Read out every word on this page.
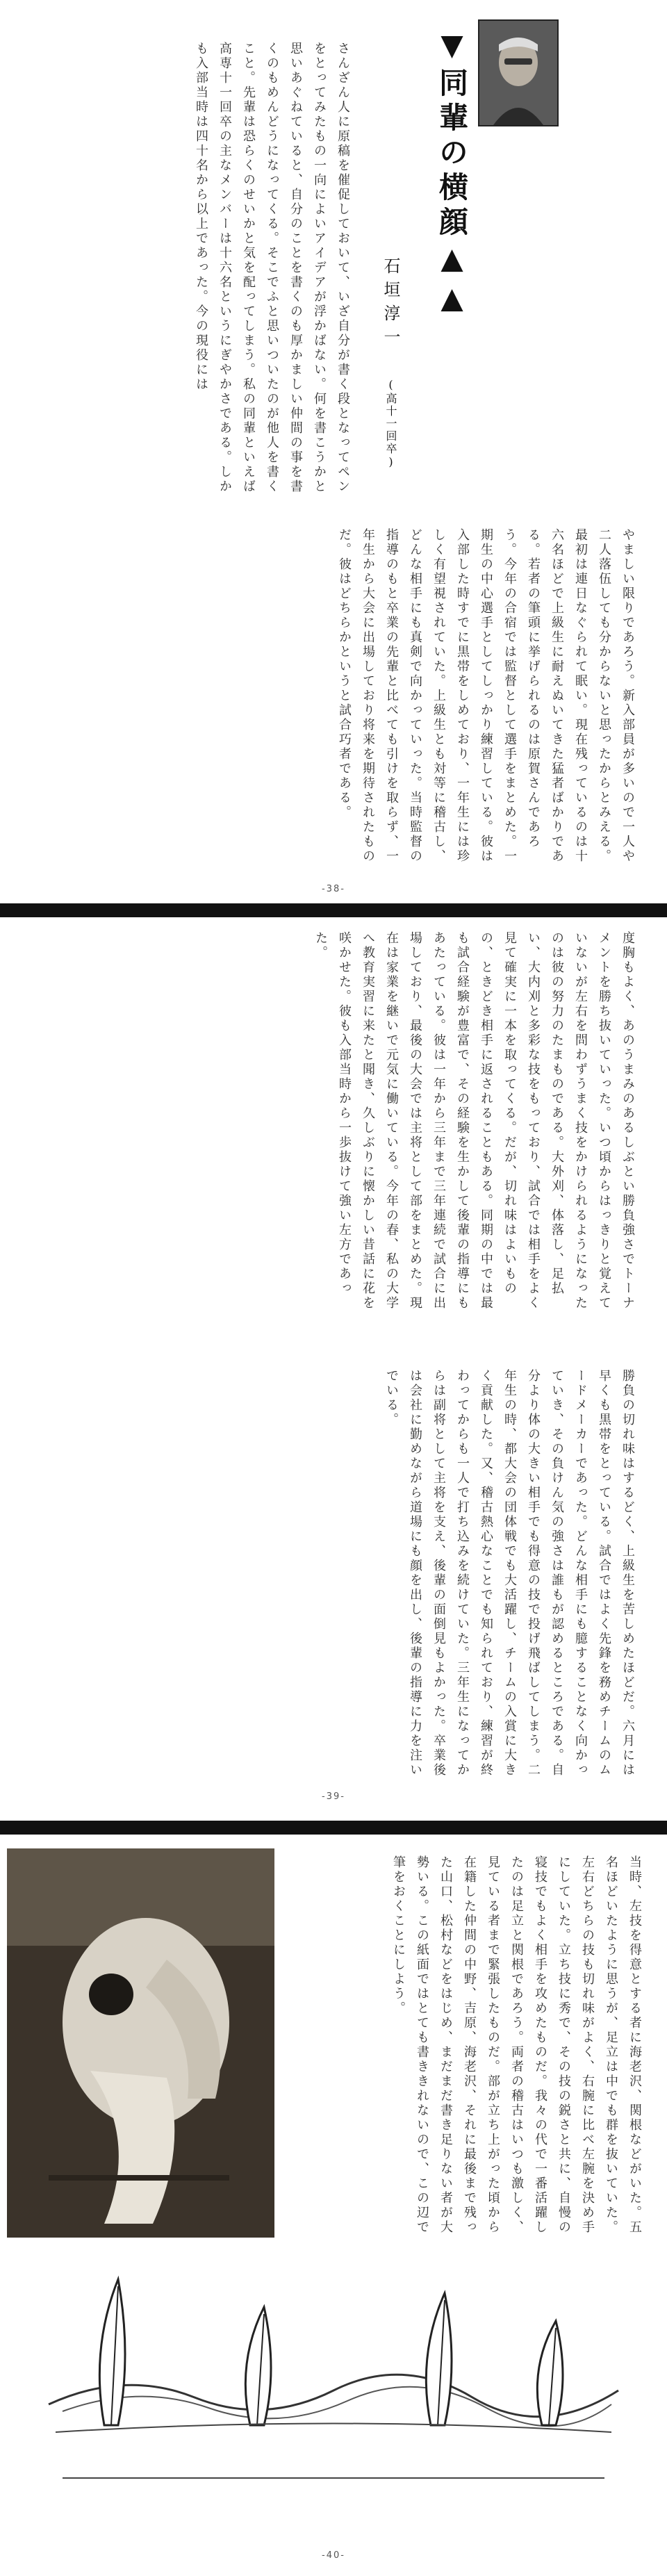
▼同輩の横顔▲▲
石垣淳一 (高十一回卒)
さんざん人に原稿を催促しておいて、いざ自分が書く段となってペンをとってみたもの一向によいアイデアが浮かばない。何を書こうかと思いあぐねていると、自分のことを書くのも厚かましい仲間の事を書くのもめんどうになってくる。そこでふと思いついたのが他人を書くこと。先輩は恐らくのせいかと気を配ってしまう。私の同輩といえば高専十一回卒の主なメンバーは十六名というにぎやかさである。しかも入部当時は四十名から以上であった。今の現役には
やましい限りであろう。新入部員が多いので一人や二人落伍しても分からないと思ったからとみえる。最初は連日なぐられて眠い。現在残っているのは十六名ほどで上級生に耐えぬいてきた猛者ばかりである。若者の筆頭に挙げられるのは原賀さんであろう。今年の合宿では監督として選手をまとめた。一期生の中心選手としてしっかり練習している。彼は入部した時すでに黒帯をしめており、一年生には珍しく有望視されていた。上級生とも対等に稽古し、どんな相手にも真剣で向かっていった。当時監督の指導のもと卒業の先輩と比べても引けを取らず、一年生から大会に出場しており将来を期待されたものだ。彼はどちらかというと試合巧者である。
-38-
度胸もよく、あのうまみのあるしぶとい勝負強さでトーナメントを勝ち抜いていった。いつ頃からはっきりと覚えていないが左右を問わずうまく技をかけられるようになったのは彼の努力のたまものである。大外刈、体落し、足払い、大内刈と多彩な技をもっており、試合では相手をよく見て確実に一本を取ってくる。だが、切れ味はよいものの、ときどき相手に返されることもある。同期の中では最も試合経験が豊富で、その経験を生かして後輩の指導にもあたっている。彼は一年から三年まで三年連続で試合に出場しており、最後の大会では主将として部をまとめた。現在は家業を継いで元気に働いている。今年の春、私の大学へ教育実習に来たと聞き、久しぶりに懐かしい昔話に花を咲かせた。彼も入部当時から一歩抜けて強い左方であった。
勝負の切れ味はするどく、上級生を苦しめたほどだ。六月には早くも黒帯をとっている。試合ではよく先鋒を務めチームのムードメーカーであった。どんな相手にも臆することなく向かっていき、その負けん気の強さは誰もが認めるところである。自分より体の大きい相手でも得意の技で投げ飛ばしてしまう。二年生の時、都大会の団体戦でも大活躍し、チームの入賞に大きく貢献した。又、稽古熱心なことでも知られており、練習が終わってからも一人で打ち込みを続けていた。三年生になってからは副将として主将を支え、後輩の面倒見もよかった。卒業後は会社に勤めながら道場にも顔を出し、後輩の指導に力を注いでいる。
-39-
当時、左技を得意とする者に海老沢、関根などがいた。五名ほどいたように思うが、足立は中でも群を抜いていた。左右どちらの技も切れ味がよく、右腕に比べ左腕を決め手にしていた。立ち技に秀で、その技の鋭さと共に、自慢の寝技でもよく相手を攻めたものだ。我々の代で一番活躍したのは足立と関根であろう。両者の稽古はいつも激しく、見ている者まで緊張したものだ。部が立ち上がった頃から在籍した仲間の中野、吉原、海老沢、それに最後まで残った山口、松村などをはじめ、まだまだ書き足りない者が大勢いる。この紙面ではとても書ききれないので、この辺で筆をおくことにしよう。
-40-
